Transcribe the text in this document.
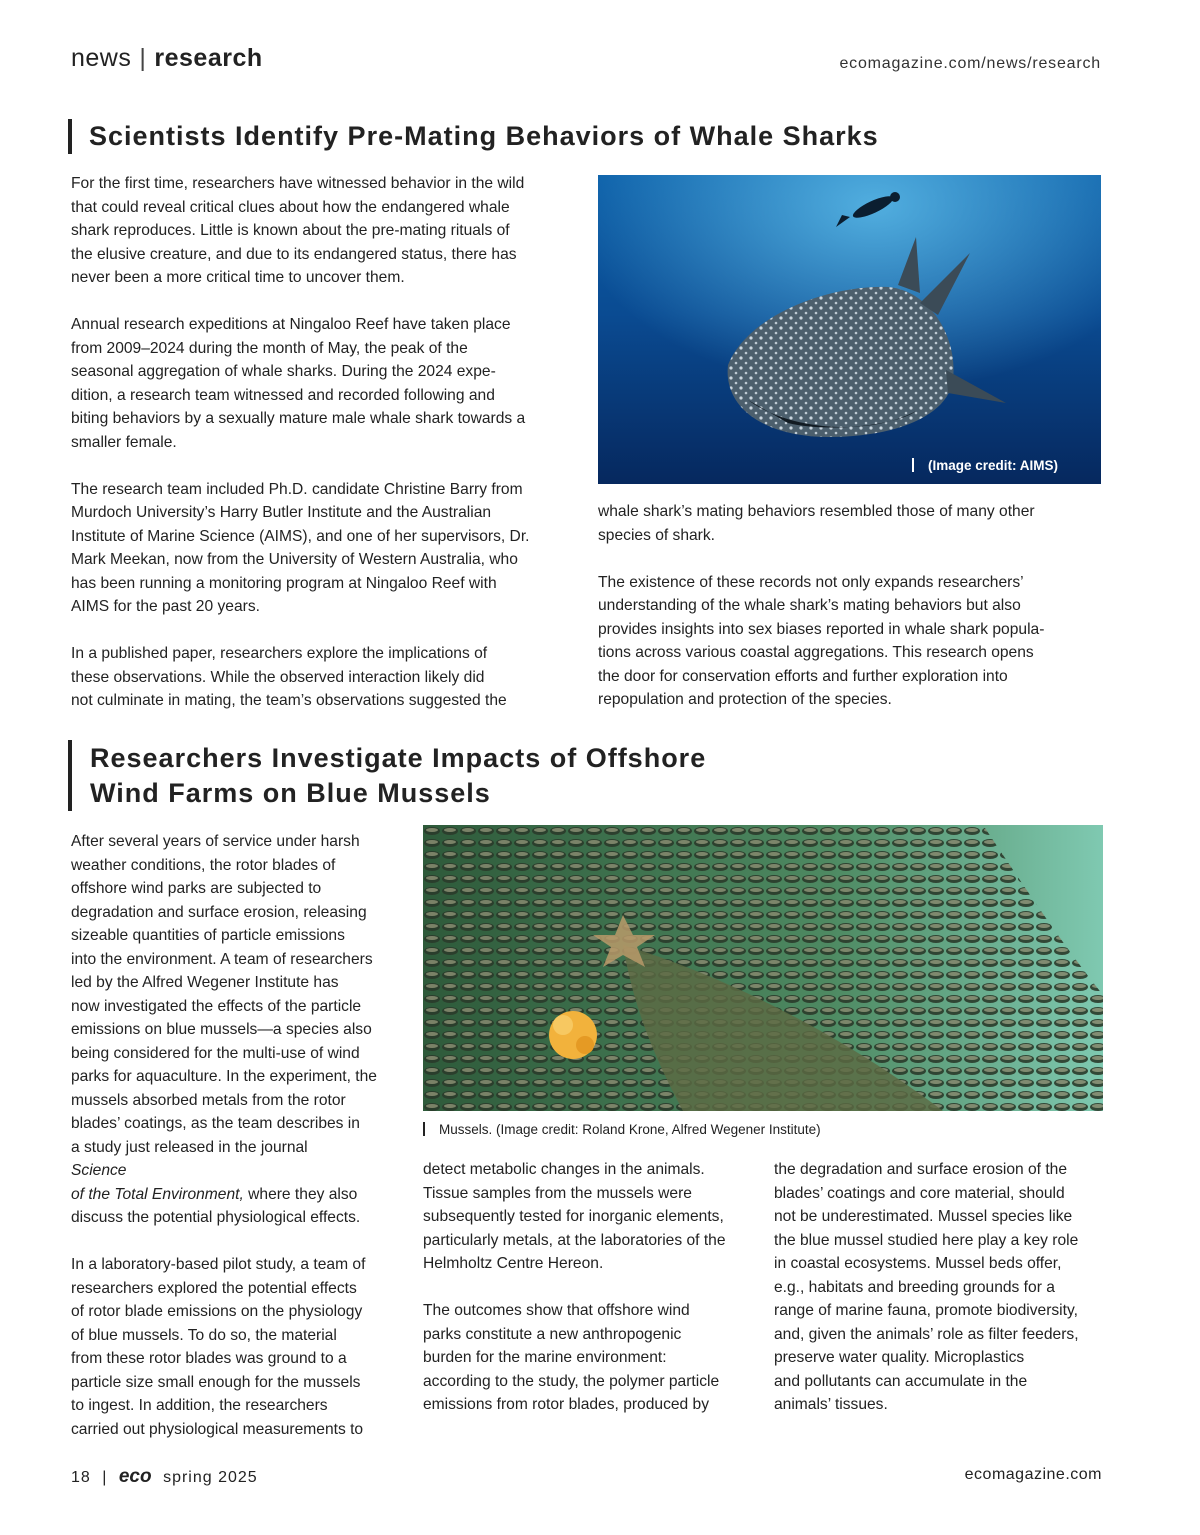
news | research	ecomagazine.com/news/research
Scientists Identify Pre-Mating Behaviors of Whale Sharks

For the first time, researchers have witnessed behavior in the wild

that could reveal critical clues about how the endangered whale

shark reproduces. Little is known about the pre-mating rituals of

the elusive creature, and due to its endangered status, there has

never been a more critical time to uncover them.

Annual research expeditions at Ningaloo Reef have taken place

from 2009–2024 during the month of May, the peak of the

seasonal aggregation of whale sharks. During the 2024 expe-

dition, a research team witnessed and recorded following and

biting behaviors by a sexually mature male whale shark towards a

smaller female.

The research team included Ph.D. candidate Christine Barry from

Murdoch University’s Harry Butler Institute and the Australian

Institute of Marine Science (AIMS), and one of her supervisors, Dr.

Mark Meekan, now from the University of Western Australia, who

has been running a monitoring program at Ningaloo Reef with

AIMS for the past 20 years.

In a published paper, researchers explore the implications of

these observations. While the observed interaction likely did

not culminate in mating, the team’s observations suggested the

(Image credit: AIMS)

whale shark’s mating behaviors resembled those of many other

species of shark.

The existence of these records not only expands researchers’

understanding of the whale shark’s mating behaviors but also

provides insights into sex biases reported in whale shark popula-

tions across various coastal aggregations. This research opens

the door for conservation efforts and further exploration into

repopulation and protection of the species.

Researchers Investigate Impacts of Offshore
Wind Farms on Blue Mussels
Mussels. (Image credit: Roland Krone, Alfred Wegener Institute)

After several years of service under harsh

weather conditions, the rotor blades of

offshore wind parks are subjected to

degradation and surface erosion, releasing

sizeable quantities of particle emissions

into the environment. A team of researchers

led by the Alfred Wegener Institute has

now investigated the effects of the particle

emissions on blue mussels—a species also

being considered for the multi-use of wind

parks for aquaculture. In the experiment, the

mussels absorbed metals from the rotor

blades’ coatings, as the team describes in

a study just released in the journal

Science

of the Total Environment, where they also

discuss the potential physiological effects.

In a laboratory-based pilot study, a team of

researchers explored the potential effects

of rotor blade emissions on the physiology

of blue mussels. To do so, the material

from these rotor blades was ground to a

particle size small enough for the mussels

to ingest. In addition, the researchers

carried out physiological measurements to

detect metabolic changes in the animals.

Tissue samples from the mussels were

subsequently tested for inorganic elements,

particularly metals, at the laboratories of the

Helmholtz Centre Hereon.

The outcomes show that offshore wind

parks constitute a new anthropogenic

burden for the marine environment:

according to the study, the polymer particle

emissions from rotor blades, produced by

the degradation and surface erosion of the

blades’ coatings and core material, should

not be underestimated. Mussel species like

the blue mussel studied here play a key role

in coastal ecosystems. Mussel beds offer,

e.g., habitats and breeding grounds for a

range of marine fauna, promote biodiversity,

and, given the animals’ role as filter feeders,

preserve water quality. Microplastics

and pollutants can accumulate in the

animals’ tissues.

18 | eco spring 2025	ecomagazine.com
